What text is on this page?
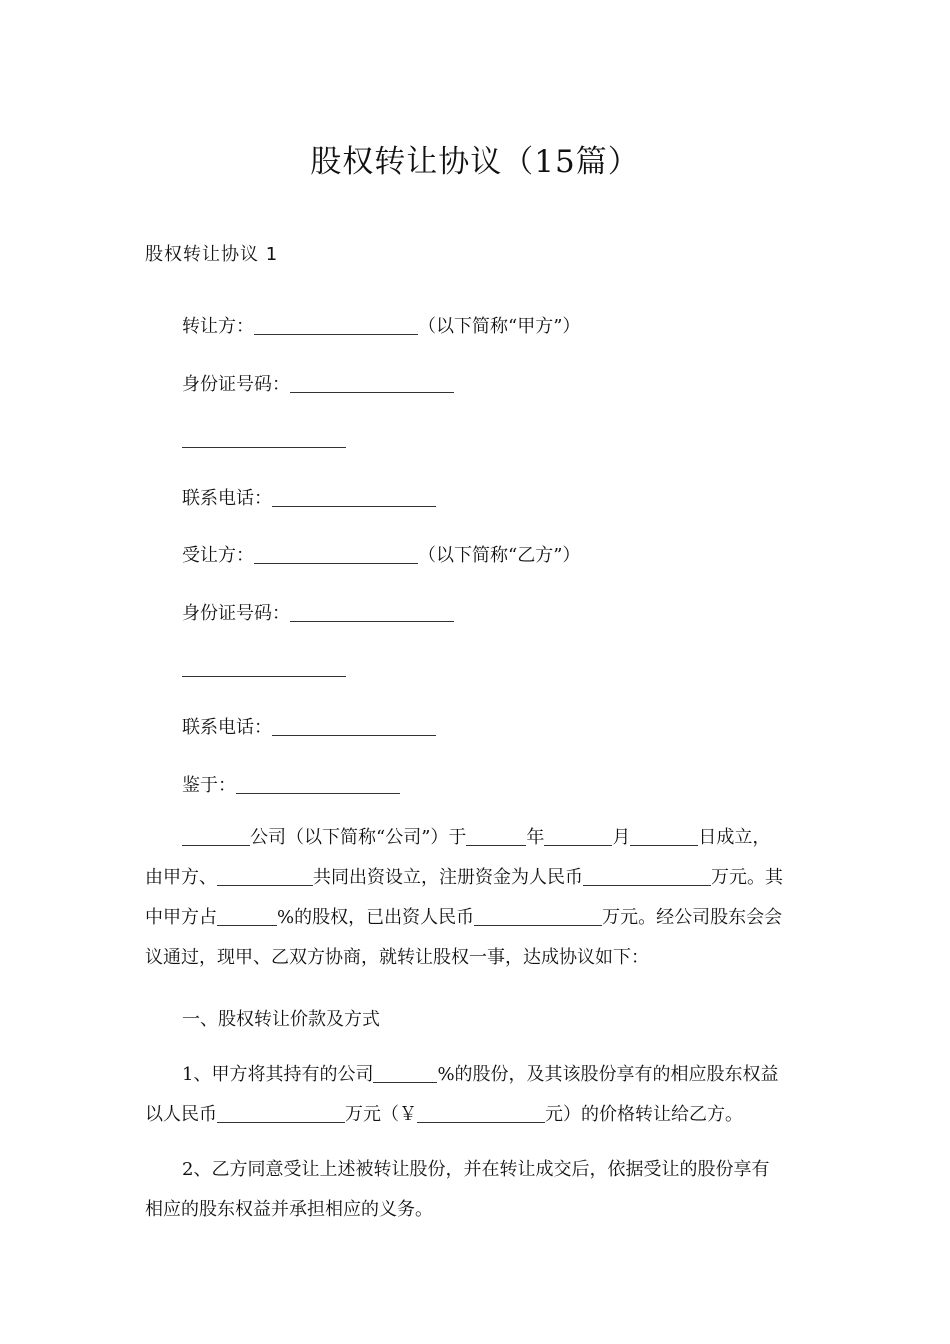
股权转让协议（15篇）
股权转让协议 1
转让方：	（以下简称“甲方”）
身份证号码：
联系电话：
受让方：	（以下简称“乙方”）
身份证号码：
联系电话：
鉴于：
公司（以下简称“公司”）于	年	月	日成立，
由甲方、	共同出资设立，注册资金为人民币	万元。其
中甲方占	%的股权，已出资人民币	万元。经公司股东会会
议通过，现甲、乙双方协商，就转让股权一事，达成协议如下：
一、股权转让价款及方式
1、甲方将其持有的公司	%的股份，及其该股份享有的相应股东权益
以人民币	万元（￥	元）的价格转让给乙方。
2、乙方同意受让上述被转让股份，并在转让成交后，依据受让的股份享有
相应的股东权益并承担相应的义务。
